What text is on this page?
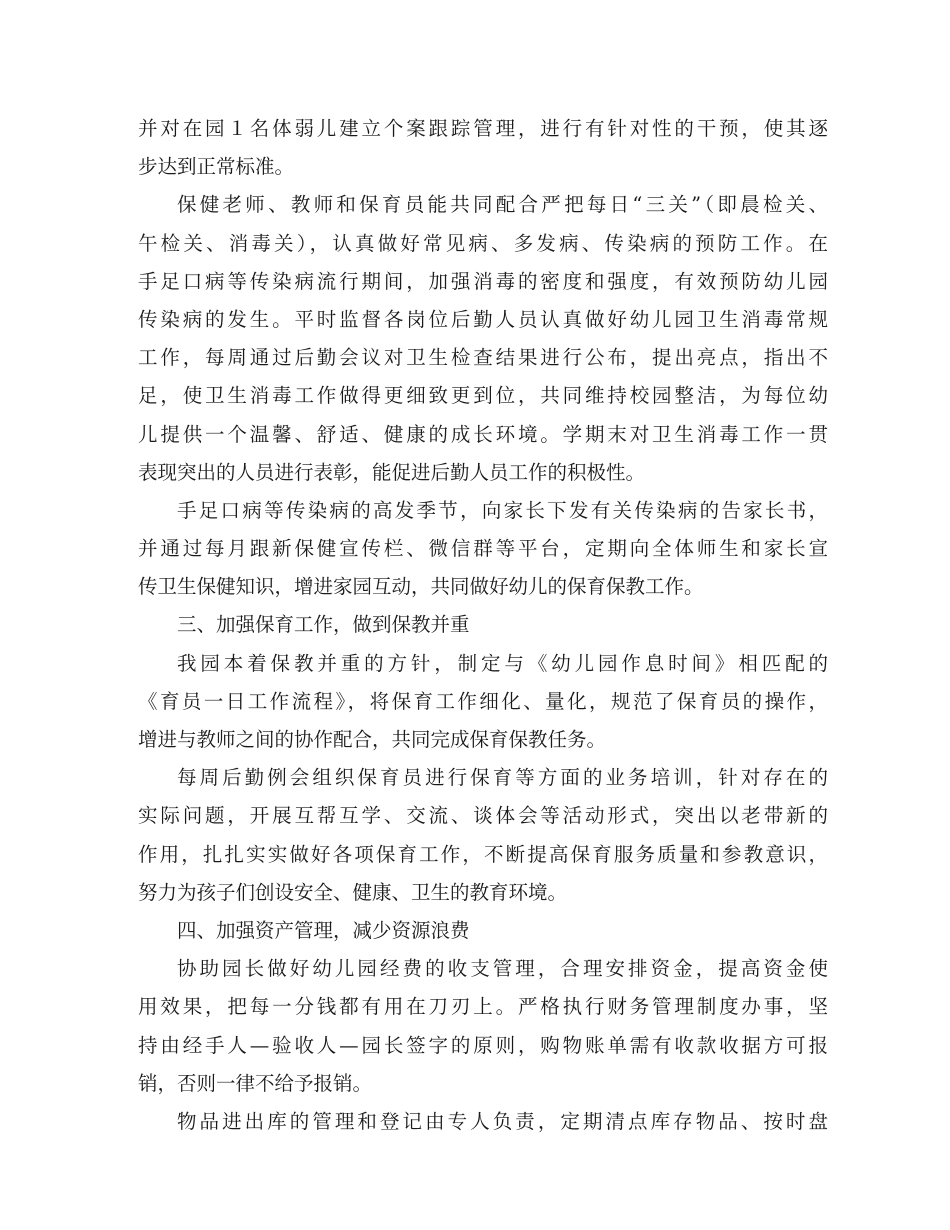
并对在园１名体弱儿建立个案跟踪管理，进行有针对性的干预，使其逐
步达到正常标准。
保健老师、教师和保育员能共同配合严把每日“三关”（即晨检关、
午检关、消毒关），认真做好常见病、多发病、传染病的预防工作。在
手足口病等传染病流行期间，加强消毒的密度和强度，有效预防幼儿园
传染病的发生。平时监督各岗位后勤人员认真做好幼儿园卫生消毒常规
工作，每周通过后勤会议对卫生检查结果进行公布，提出亮点，指出不
足，使卫生消毒工作做得更细致更到位，共同维持校园整洁，为每位幼
儿提供一个温馨、舒适、健康的成长环境。学期末对卫生消毒工作一贯
表现突出的人员进行表彰，能促进后勤人员工作的积极性。
手足口病等传染病的高发季节，向家长下发有关传染病的告家长书，
并通过每月跟新保健宣传栏、微信群等平台，定期向全体师生和家长宣
传卫生保健知识，增进家园互动，共同做好幼儿的保育保教工作。
三、加强保育工作，做到保教并重
我园本着保教并重的方针，制定与《幼儿园作息时间》相匹配的
《育员一日工作流程》，将保育工作细化、量化，规范了保育员的操作，
增进与教师之间的协作配合，共同完成保育保教任务。
每周后勤例会组织保育员进行保育等方面的业务培训，针对存在的
实际问题，开展互帮互学、交流、谈体会等活动形式，突出以老带新的
作用，扎扎实实做好各项保育工作，不断提高保育服务质量和参教意识，
努力为孩子们创设安全、健康、卫生的教育环境。
四、加强资产管理，减少资源浪费
协助园长做好幼儿园经费的收支管理，合理安排资金，提高资金使
用效果，把每一分钱都有用在刀刃上。严格执行财务管理制度办事，坚
持由经手人—验收人—园长签字的原则，购物账单需有收款收据方可报
销，否则一律不给予报销。
物品进出库的管理和登记由专人负责，定期清点库存物品、按时盘
